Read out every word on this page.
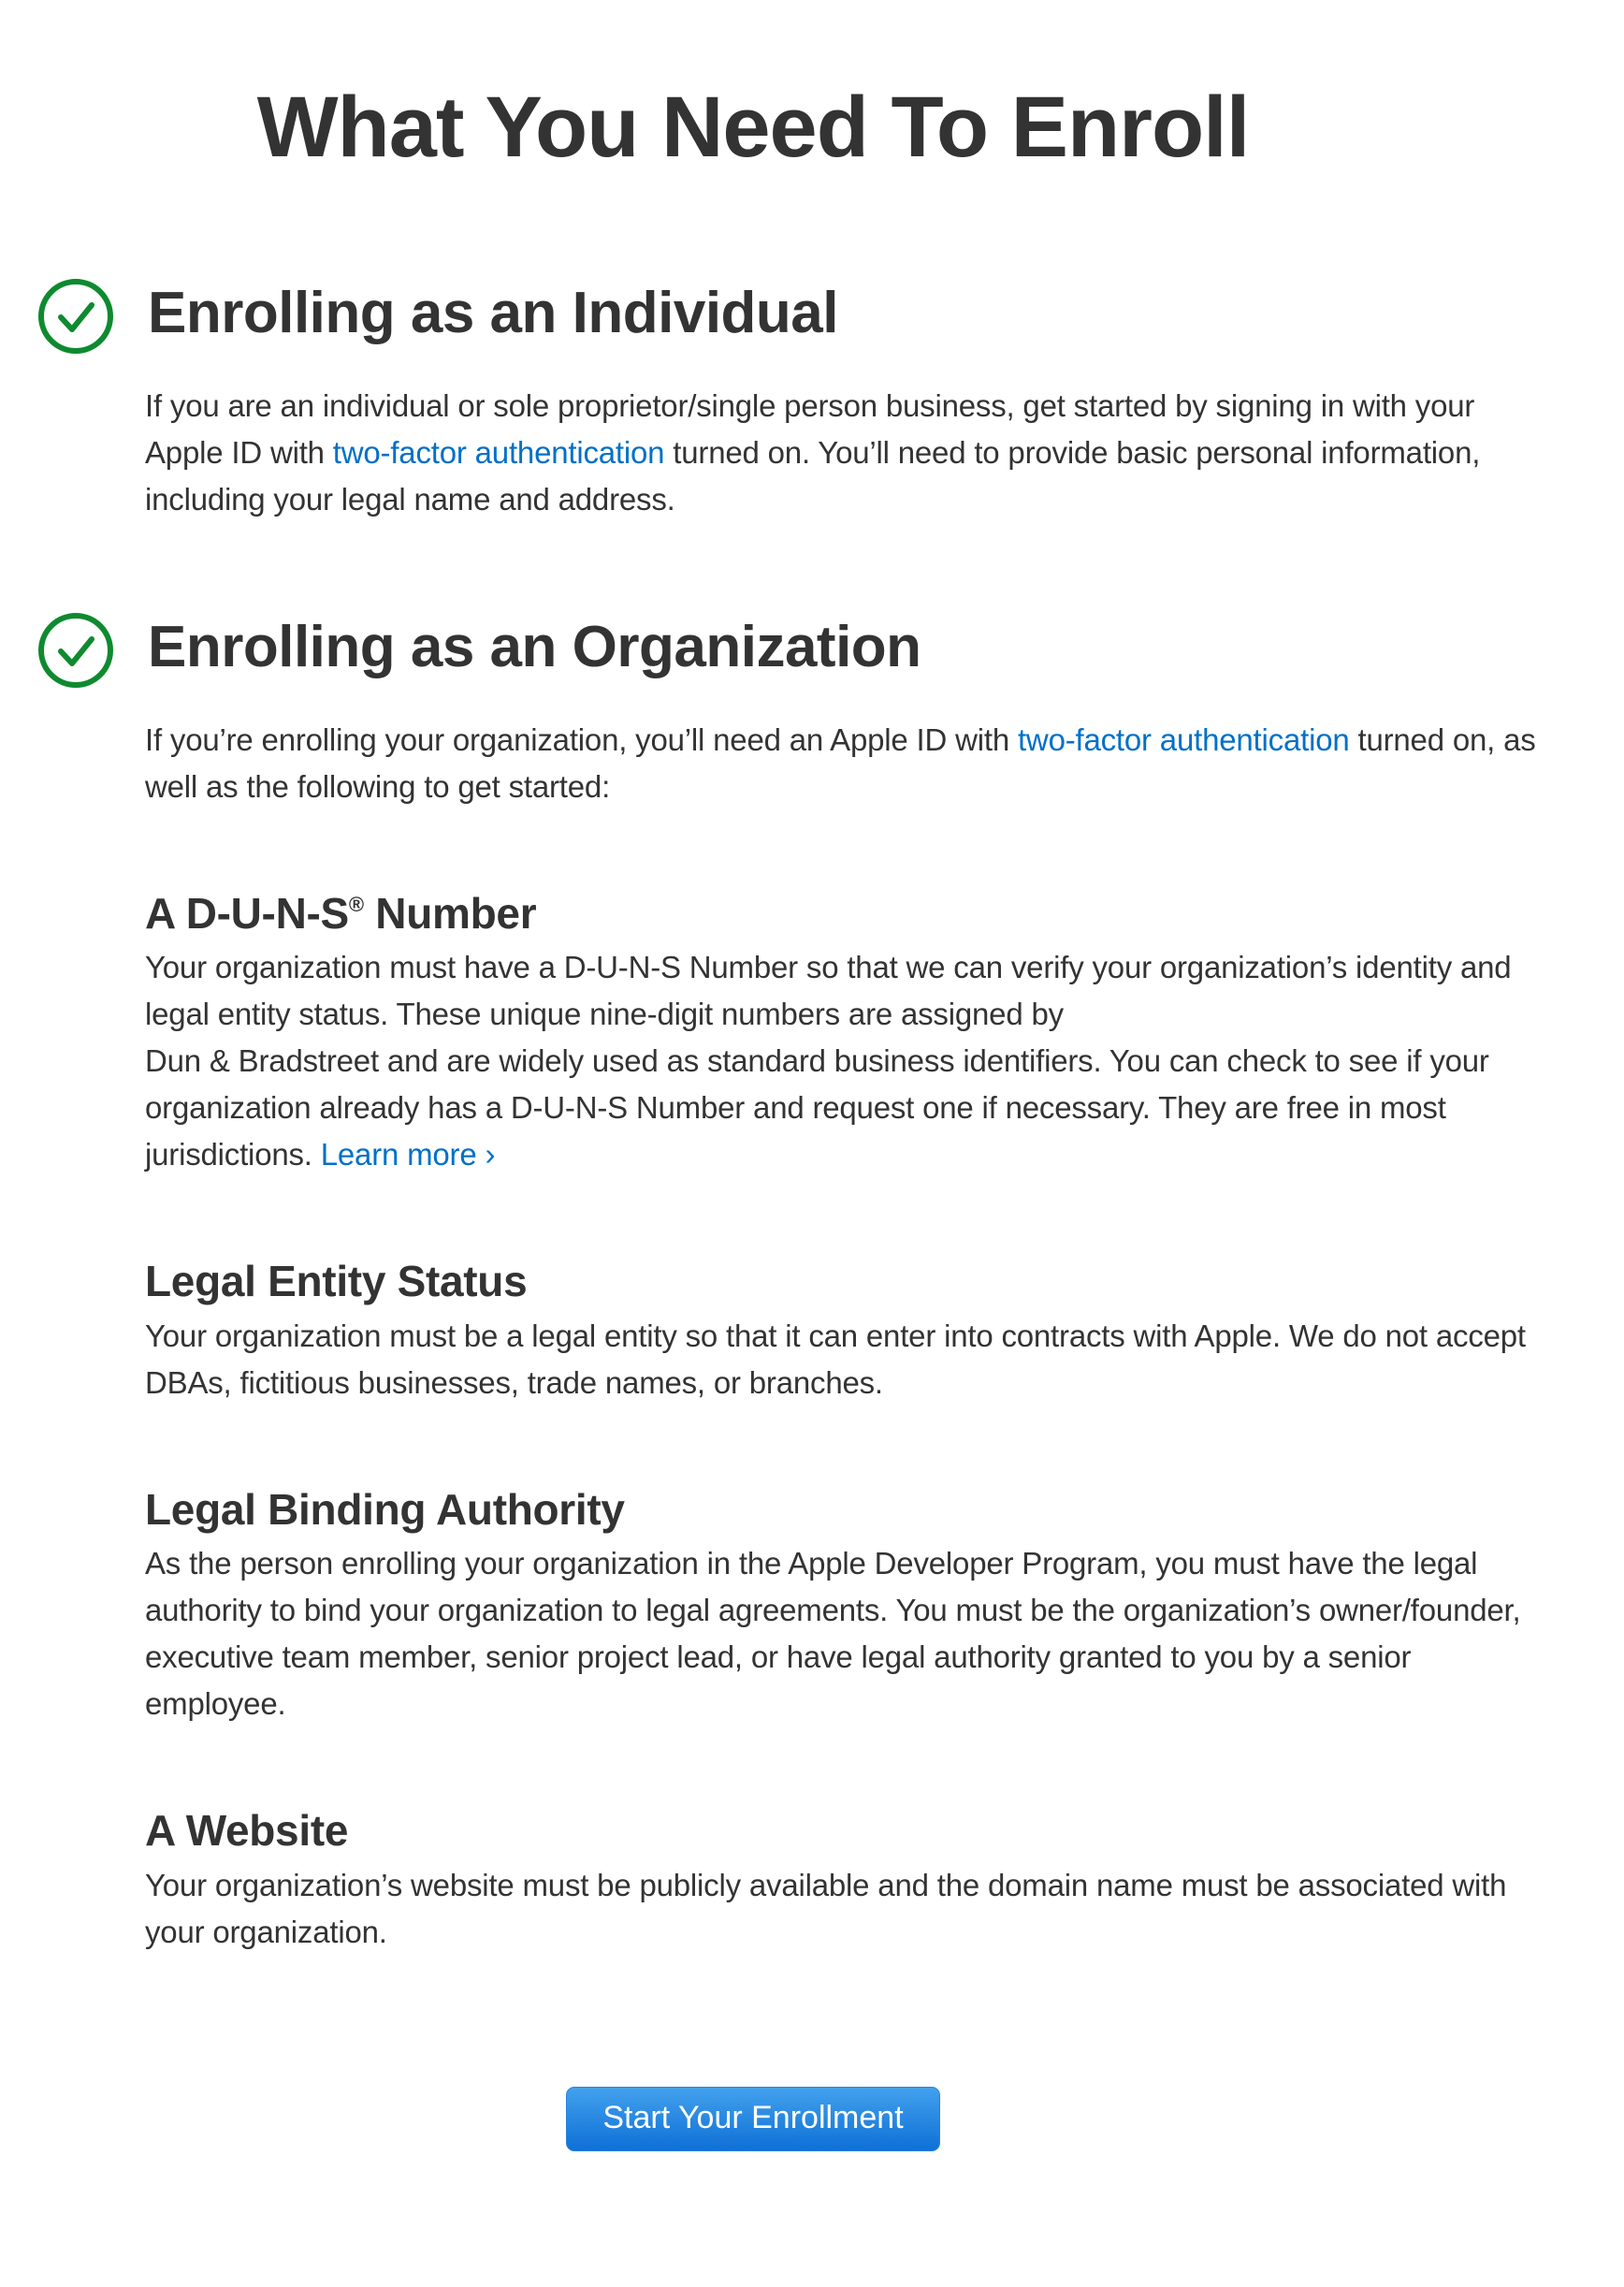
What You Need To Enroll
Enrolling as an Individual

If you are an individual or sole proprietor/single person business, get started by signing in with your Apple ID with two-factor authentication turned on. You’ll need to provide basic personal information, including your legal name and address.

Enrolling as an Organization

If you’re enrolling your organization, you’ll need an Apple ID with two-factor authentication turned on, as well as the following to get started:

A D-U-N-S® Number

Your organization must have a D-U-N-S Number so that we can verify your organization’s identity and legal entity status. These unique nine-digit numbers are assigned by
Dun & Bradstreet and are widely used as standard business identifiers. You can check to see if your organization already has a D-U-N-S Number and request one if necessary. They are free in most jurisdictions. Learn more ›

Legal Entity Status

Your organization must be a legal entity so that it can enter into contracts with Apple. We do not accept DBAs, fictitious businesses, trade names, or branches.

Legal Binding Authority

As the person enrolling your organization in the Apple Developer Program, you must have the legal authority to bind your organization to legal agreements. You must be the organization’s owner/founder, executive team member, senior project lead, or have legal authority granted to you by a senior employee.

A Website

Your organization’s website must be publicly available and the domain name must be associated with your organization.

Start Your Enrollment
